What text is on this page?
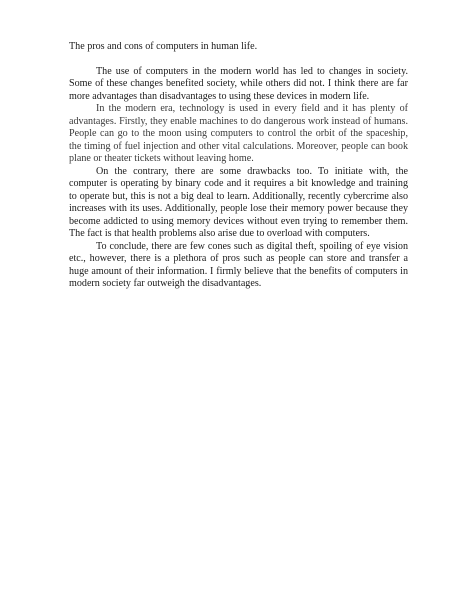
The pros and cons of computers in human life.

The use of computers in the modern world has led to changes in society. Some of these changes benefited society, while others did not. I think there are far more advantages than disadvantages to using these devices in modern life.

In the modern era, technology is used in every field and it has plenty of advantages. Firstly, they enable machines to do dangerous work instead of humans. People can go to the moon using computers to control the orbit of the spaceship, the timing of fuel injection and other vital calculations. Moreover, people can book plane or theater tickets without leaving home.

On the contrary, there are some drawbacks too. To initiate with, the computer is operating by binary code and it requires a bit knowledge and training to operate but, this is not a big deal to learn. Additionally, recently cybercrime also increases with its uses. Additionally, people lose their memory power because they become addicted to using memory devices without even trying to remember them. The fact is that health problems also arise due to overload with computers.

To conclude, there are few cones such as digital theft, spoiling of eye vision etc., however, there is a plethora of pros such as people can store and transfer a huge amount of their information. I firmly believe that the benefits of computers in modern society far outweigh the disadvantages.
